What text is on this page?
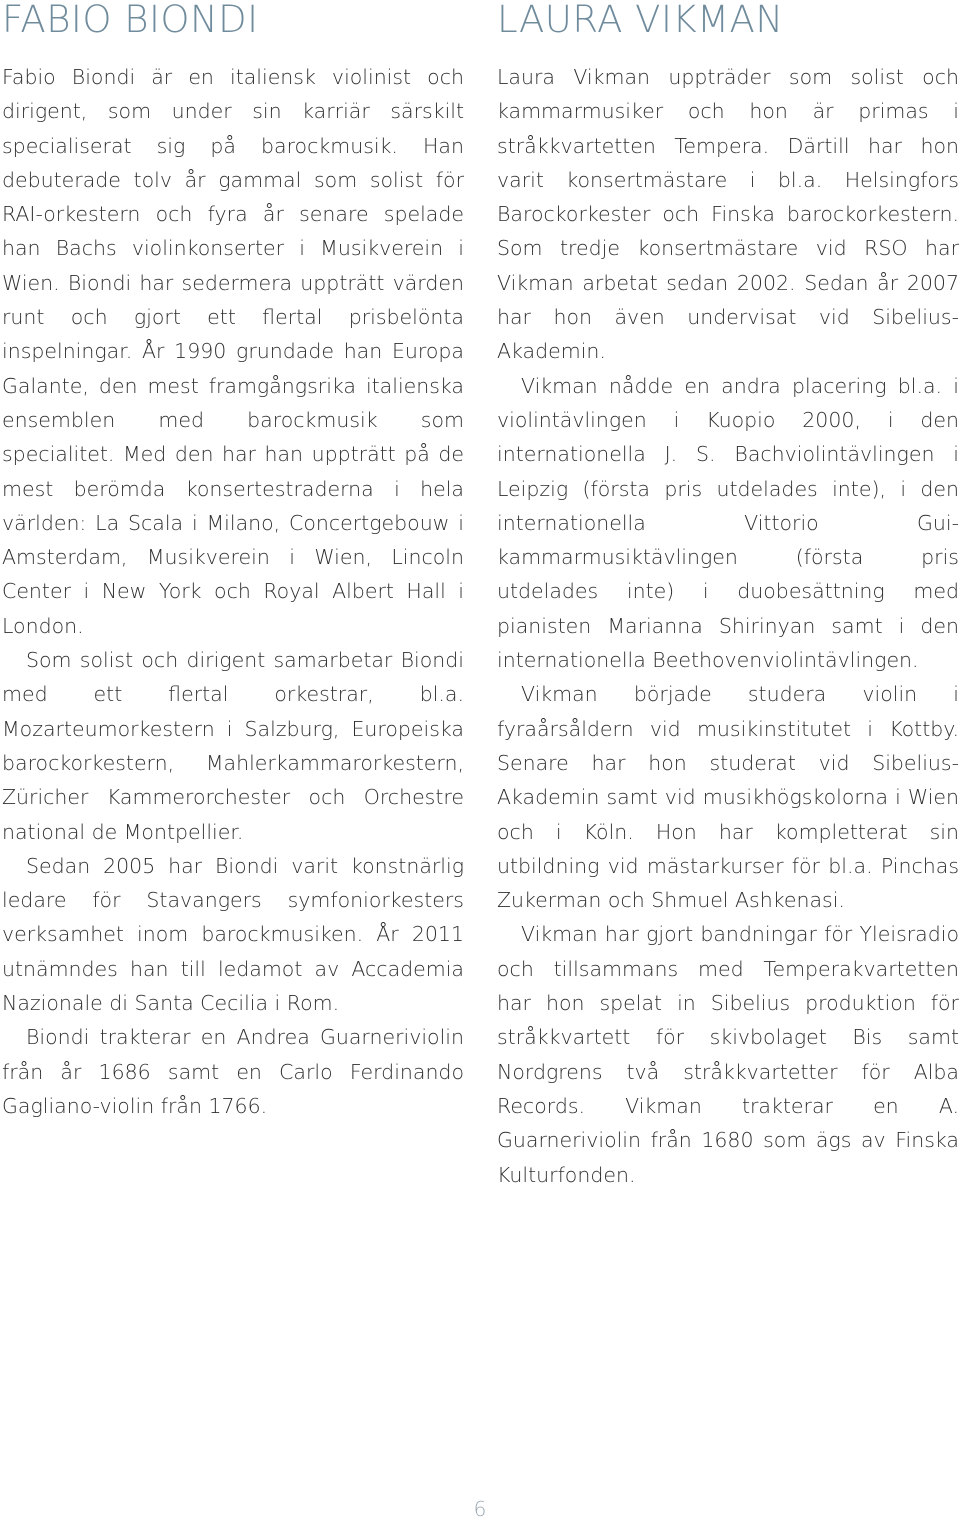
FABIO BIONDI

Fabio Biondi är en italiensk violinist och dirigent, som under sin karriär särskilt specialiserat sig på barockmusik. Han debuterade tolv år gammal som solist för RAI-orkestern och fyra år senare spelade han Bachs violinkonserter i Musikverein i Wien. Biondi har sedermera uppträtt värden runt och gjort ett flertal prisbelönta inspelningar. År 1990 grundade han Europa Galante, den mest framgångsrika italienska ensemblen med barockmusik som specialitet. Med den har han uppträtt på de mest berömda konsertestraderna i hela världen: La Scala i Milano, Concertgebouw i Amsterdam, Musikverein i Wien, Lincoln Center i New York och Royal Albert Hall i London.

Som solist och dirigent samarbetar Biondi med ett flertal orkestrar, bl.a. Mozarteumorkestern i Salzburg, Europeiska barockorkestern, Mahlerkammarorkestern, Züricher Kammerorchester och Orchestre national de Montpellier.

Sedan 2005 har Biondi varit konstnärlig ledare för Stavangers symfoniorkesters verksamhet inom barockmusiken. År 2011 utnämndes han till ledamot av Accademia Nazionale di Santa Cecilia i Rom.

Biondi trakterar en Andrea Guarneriviolin från år 1686 samt en Carlo Ferdinando Gagliano-violin från 1766.

LAURA VIKMAN

Laura Vikman uppträder som solist och kammarmusiker och hon är primas i stråkkvartetten Tempera. Därtill har hon varit konsertmästare i bl.a. Helsingfors Barockorkester och Finska barockorkestern. Som tredje konsertmästare vid RSO har Vikman arbetat sedan 2002. Sedan år 2007 har hon även undervisat vid Sibelius-Akademin.

Vikman nådde en andra placering bl.a. i violintävlingen i Kuopio 2000, i den internationella J. S. Bachviolintävlingen i Leipzig (första pris utdelades inte), i den internationella Vittorio Gui-kammarmusiktävlingen (första pris utdelades inte) i duobesättning med pianisten Marianna Shirinyan samt i den internationella Beethovenviolintävlingen.

Vikman började studera violin i fyraårsåldern vid musikinstitutet i Kottby. Senare har hon studerat vid Sibelius-Akademin samt vid musikhögskolorna i Wien och i Köln. Hon har kompletterat sin utbildning vid mästarkurser för bl.a. Pinchas Zukerman och Shmuel Ashkenasi.

Vikman har gjort bandningar för Yleisradio och tillsammans med Temperakvartetten har hon spelat in Sibelius produktion för stråkkvartett för skivbolaget Bis samt Nordgrens två stråkkvartetter för Alba Records. Vikman trakterar en A. Guarneriviolin från 1680 som ägs av Finska Kulturfonden.

6
